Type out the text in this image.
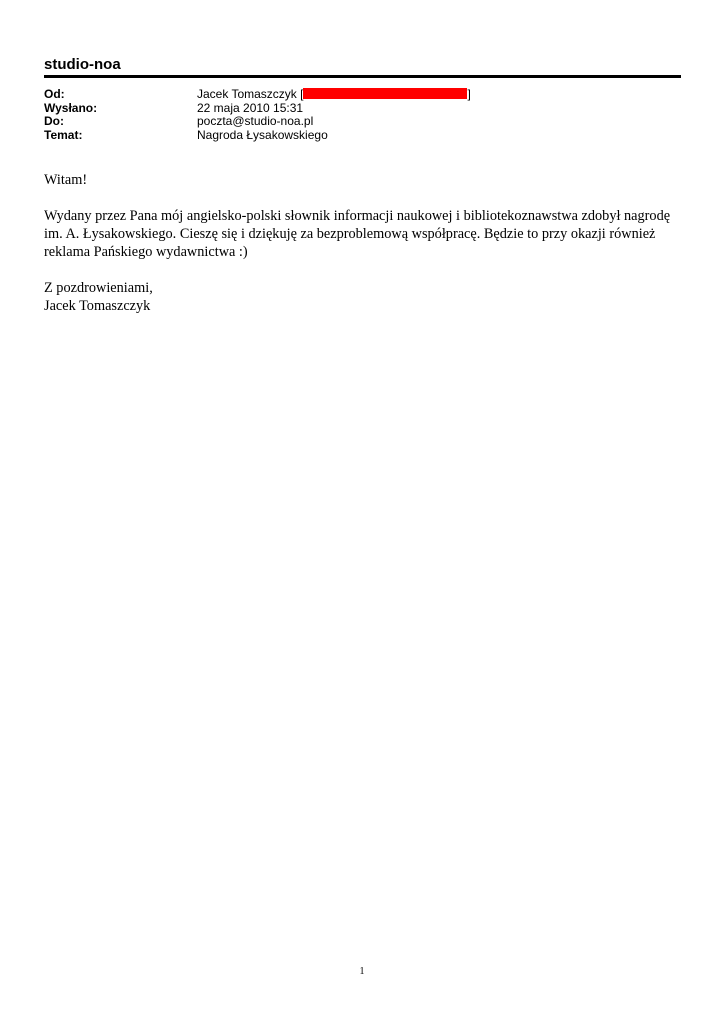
studio-noa

Od:	Jacek Tomaszczyk [	]
Wysłano:	22 maja 2010 15:31
Do:	poczta@studio-noa.pl
Temat:	Nagroda Łysakowskiego

Witam!

Wydany przez Pana mój angielsko-polski słownik informacji naukowej i bibliotekoznawstwa zdobył nagrodę im. A. Łysakowskiego. Cieszę się i dziękuję za bezproblemową współpracę. Będzie to przy okazji również reklama Pańskiego wydawnictwa :)

Z pozdrowieniami,

Jacek Tomaszczyk

1
